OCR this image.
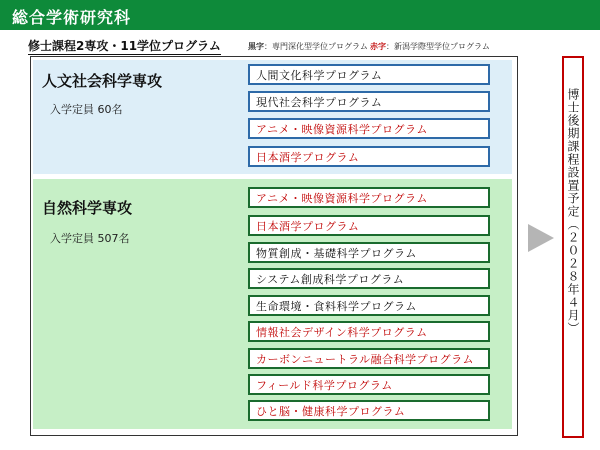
総合学術研究科
修士課程2専攻・11学位プログラム	黒字：専門深化型学位プログラム 赤字：新潟学際型学位プログラム
人文社会科学専攻
入学定員 60名
人間文化科学プログラム
現代社会科学プログラム
アニメ・映像資源科学プログラム
日本酒学プログラム
自然科学専攻
入学定員 507名
アニメ・映像資源科学プログラム
日本酒学プログラム
物質創成・基礎科学プログラム
システム創成科学プログラム
生命環境・食料科学プログラム
情報社会デザイン科学プログラム
カーボンニュートラル融合科学プログラム
フィールド科学プログラム
ひと脳・健康科学プログラム
博士後期課程設置予定（２０２８年４月）
